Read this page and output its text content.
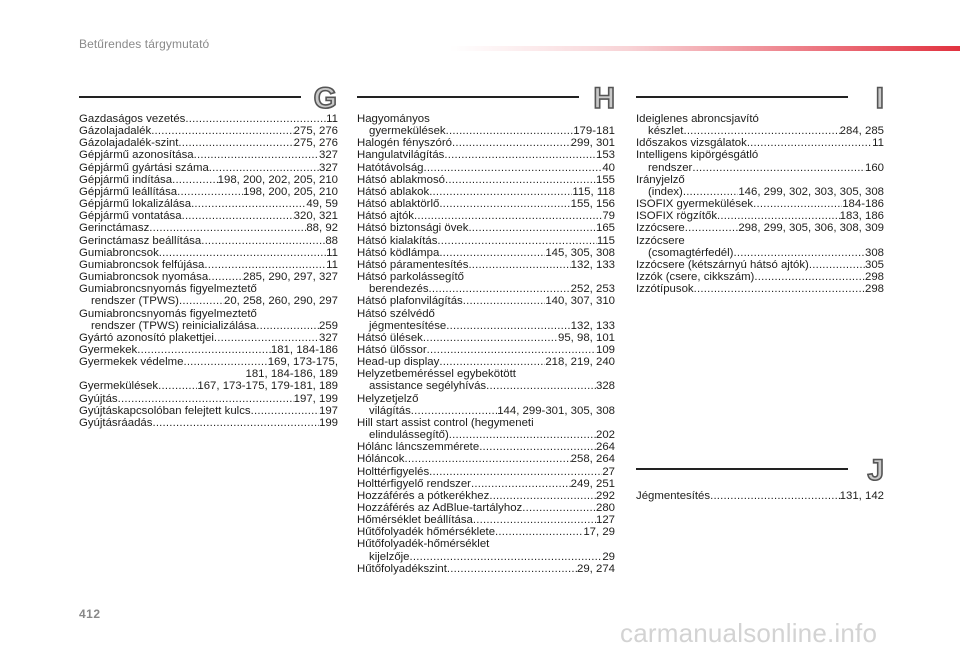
Betűrendes tárgymutató
G	H	I
J
Gazdaságos vezetés .....	11
Gázolajadalék .....	275, 276
Gázolajadalék-szint .....	275, 276
Gépjármű azonosítása .....	327
Gépjármű gyártási száma .....	327
Gépjármű indítása .....	198, 200, 202, 205, 210
Gépjármű leállítása .....	198, 200, 205, 210
Gépjármű lokalizálása .....	49, 59
Gépjármű vontatása .....	320, 321
Gerinctámasz .....	88, 92
Gerinctámasz beállítása .....	88
Gumiabroncsok .....	11
Gumiabroncsok felfújása .....	11
Gumiabroncsok nyomása .....	285, 290, 297, 327
Gumiabroncsnyomás figyelmeztető
rendszer (TPWS) .....	20, 258, 260, 290, 297
Gumiabroncsnyomás figyelmeztető
rendszer (TPWS) reinicializálása .....	259
Gyártó azonosító plakettjei .....	327
Gyermekek .....	181, 184-186
Gyermekek védelme .....	169, 173-175,
181, 184-186, 189
Gyermekülések .....	167, 173-175, 179-181, 189
Gyújtás .....	197, 199
Gyújtáskapcsolóban felejtett kulcs .....	197
Gyújtásráadás .....	199
Hagyományos
gyermekülések .....	179-181
Halogén fényszóró .....	299, 301
Hangulatvilágítás .....	153
Hatótávolság .....	40
Hátsó ablakmosó .....	155
Hátsó ablakok .....	115, 118
Hátsó ablaktörlő .....	155, 156
Hátsó ajtók .....	79
Hátsó biztonsági övek .....	165
Hátsó kialakítás .....	115
Hátsó ködlámpa .....	145, 305, 308
Hátsó páramentesítés .....	132, 133
Hátsó parkolássegítő
berendezés .....	252, 253
Hátsó plafonvilágítás .....	140, 307, 310
Hátsó szélvédő
jégmentesítése .....	132, 133
Hátsó ülések .....	95, 98, 101
Hátsó ülőssor .....	109
Head-up display .....	218, 219, 240
Helyzetbeméréssel egybekötött
assistance segélyhívás .....	328
Helyzetjelző
világítás .....	144, 299-301, 305, 308
Hill start assist control (hegymeneti
elindulássegítő) .....	202
Hólánc láncszemmérete .....	264
Hóláncok .....	258, 264
Holttérfigyelés .....	27
Holttérfigyelő rendszer .....	249, 251
Hozzáférés a pótkerékhez .....	292
Hozzáférés az AdBlue-tartályhoz .....	280
Hőmérséklet beállítása .....	127
Hűtőfolyadék hőmérséklete .....	17, 29
Hűtőfolyadék-hőmérséklet
kijelzője .....	29
Hűtőfolyadékszint .....	29, 274
Ideiglenes abroncsjavító
készlet .....	284, 285
Időszakos vizsgálatok .....	11
Intelligens kipörgésgátló
rendszer .....	160
Irányjelző
(index) .....	146, 299, 302, 303, 305, 308
ISOFIX gyermekülések .....	184-186
ISOFIX rögzítők .....	183, 186
Izzócsere .....	298, 299, 305, 306, 308, 309
Izzócsere
(csomagtérfedél) .....	308
Izzócsere (kétszárnyú hátsó ajtók) .....	305
Izzók (csere, cikkszám) .....	298
Izzótípusok .....	298
Jégmentesítés .....	131, 142
412
carmanualsonline.info
